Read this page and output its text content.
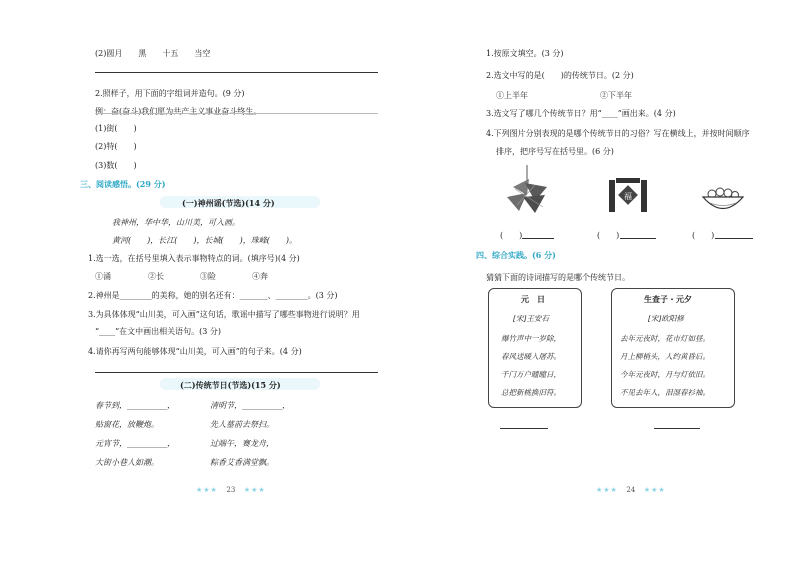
(2)圆月　　黑　　十五　　当空
2.照样子，用下面的字组词并造句。(9 分)
例：奋(奋斗)我们愿为共产主义事业奋斗终生。
(1)街(　　)
(2)特(　　)
(3)数(　　)
三、阅读感悟。(29 分)
(一)神州谣(节选)(14 分)
我神州，华中华，山川美，可入画。
黄河(　　)，长江(　　)，长城(　　)，珠峰(　　)。
1.选一选，在括号里填入表示事物特点的词。(填序号)(4 分)
①涌	②长	③险	④奔
2.神州是________的美称，她的别名还有：_______、________。(3 分)
3.为具体体现“山川美，可入画”这句话，歌谣中描写了哪些事物进行说明？用
“____”在文中画出相关语句。(3 分)
4.请你再写两句能够体现“山川美，可入画”的句子来。(4 分)
(二)传统节日(节选)(15 分)
春节到，__________，	清明节，__________，
贴窗花，放鞭炮。	先人墓前去祭扫。
元宵节，__________，	过端午，赛龙舟，
大街小巷人如潮。	粽香艾香满堂飘。
★★★ 23 ★★★
1.按原文填空。(3 分)
2.选文中写的是(　　)的传统节日。(2 分)
①上半年	②下半年
3.选文写了哪几个传统节日？用“____”画出来。(4 分)
4.下列图片分别表现的是哪个传统节日的习俗？写在横线上，并按时间顺序
排序，把序号写在括号里。(6 分)
福
(　　)	(　　)	(　　)
四、综合实践。(6 分)
猜猜下面的诗词描写的是哪个传统节日。
元　日
[宋]王安石
爆竹声中一岁除，
春风送暖入屠苏。
千门万户曈曈日，
总把新桃换旧符。
生查子・元夕
[宋]欧阳修
去年元夜时，花市灯如昼。
月上柳梢头，人约黄昏后。
今年元夜时，月与灯依旧。
不见去年人，泪湿春衫袖。
★★★ 24 ★★★
